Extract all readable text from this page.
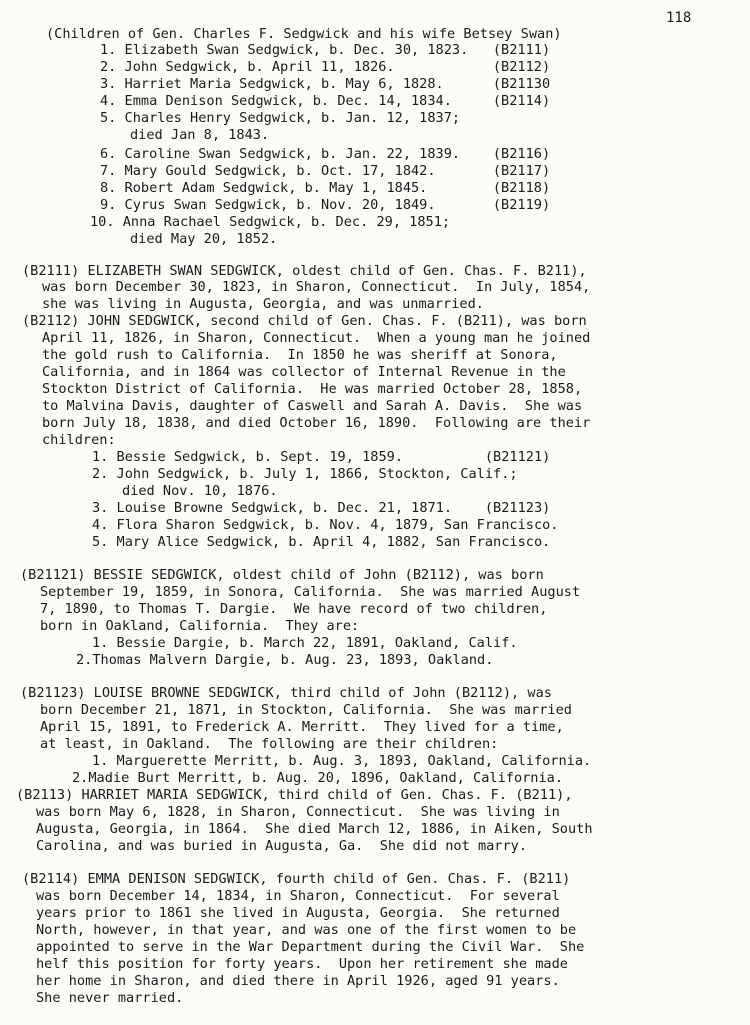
118
(Children of Gen. Charles F. Sedgwick and his wife Betsey Swan)
1. Elizabeth Swan Sedgwick, b. Dec. 30, 1823.   (B2111)
2. John Sedgwick, b. April 11, 1826.            (B2112)
3. Harriet Maria Sedgwick, b. May 6, 1828.      (B21130
4. Emma Denison Sedgwick, b. Dec. 14, 1834.     (B2114)
5. Charles Henry Sedgwick, b. Jan. 12, 1837;
died Jan 8, 1843.
6. Caroline Swan Sedgwick, b. Jan. 22, 1839.    (B2116)
7. Mary Gould Sedgwick, b. Oct. 17, 1842.       (B2117)
8. Robert Adam Sedgwick, b. May 1, 1845.        (B2118)
9. Cyrus Swan Sedgwick, b. Nov. 20, 1849.       (B2119)
10. Anna Rachael Sedgwick, b. Dec. 29, 1851;
died May 20, 1852.
(B2111) ELIZABETH SWAN SEDGWICK, oldest child of Gen. Chas. F. B211),
was born December 30, 1823, in Sharon, Connecticut.  In July, 1854,
she was living in Augusta, Georgia, and was unmarried.
(B2112) JOHN SEDGWICK, second child of Gen. Chas. F. (B211), was born
April 11, 1826, in Sharon, Connecticut.  When a young man he joined
the gold rush to California.  In 1850 he was sheriff at Sonora,
California, and in 1864 was collector of Internal Revenue in the
Stockton District of California.  He was married October 28, 1858,
to Malvina Davis, daughter of Caswell and Sarah A. Davis.  She was
born July 18, 1838, and died October 16, 1890.  Following are their
children:
1. Bessie Sedgwick, b. Sept. 19, 1859.          (B21121)
2. John Sedgwick, b. July 1, 1866, Stockton, Calif.;
died Nov. 10, 1876.
3. Louise Browne Sedgwick, b. Dec. 21, 1871.    (B21123)
4. Flora Sharon Sedgwick, b. Nov. 4, 1879, San Francisco.
5. Mary Alice Sedgwick, b. April 4, 1882, San Francisco.
(B21121) BESSIE SEDGWICK, oldest child of John (B2112), was born
September 19, 1859, in Sonora, California.  She was married August
7, 1890, to Thomas T. Dargie.  We have record of two children,
born in Oakland, California.  They are:
1. Bessie Dargie, b. March 22, 1891, Oakland, Calif.
2.Thomas Malvern Dargie, b. Aug. 23, 1893, Oakland.
(B21123) LOUISE BROWNE SEDGWICK, third child of John (B2112), was
born December 21, 1871, in Stockton, California.  She was married
April 15, 1891, to Frederick A. Merritt.  They lived for a time,
at least, in Oakland.  The following are their children:
1. Marguerette Merritt, b. Aug. 3, 1893, Oakland, California.
2.Madie Burt Merritt, b. Aug. 20, 1896, Oakland, California.
(B2113) HARRIET MARIA SEDGWICK, third child of Gen. Chas. F. (B211),
was born May 6, 1828, in Sharon, Connecticut.  She was living in
Augusta, Georgia, in 1864.  She died March 12, 1886, in Aiken, South
Carolina, and was buried in Augusta, Ga.  She did not marry.
(B2114) EMMA DENISON SEDGWICK, fourth child of Gen. Chas. F. (B211)
was born December 14, 1834, in Sharon, Connecticut.  For several
years prior to 1861 she lived in Augusta, Georgia.  She returned
North, however, in that year, and was one of the first women to be
appointed to serve in the War Department during the Civil War.  She
helf this position for forty years.  Upon her retirement she made
her home in Sharon, and died there in April 1926, aged 91 years.
She never married.
